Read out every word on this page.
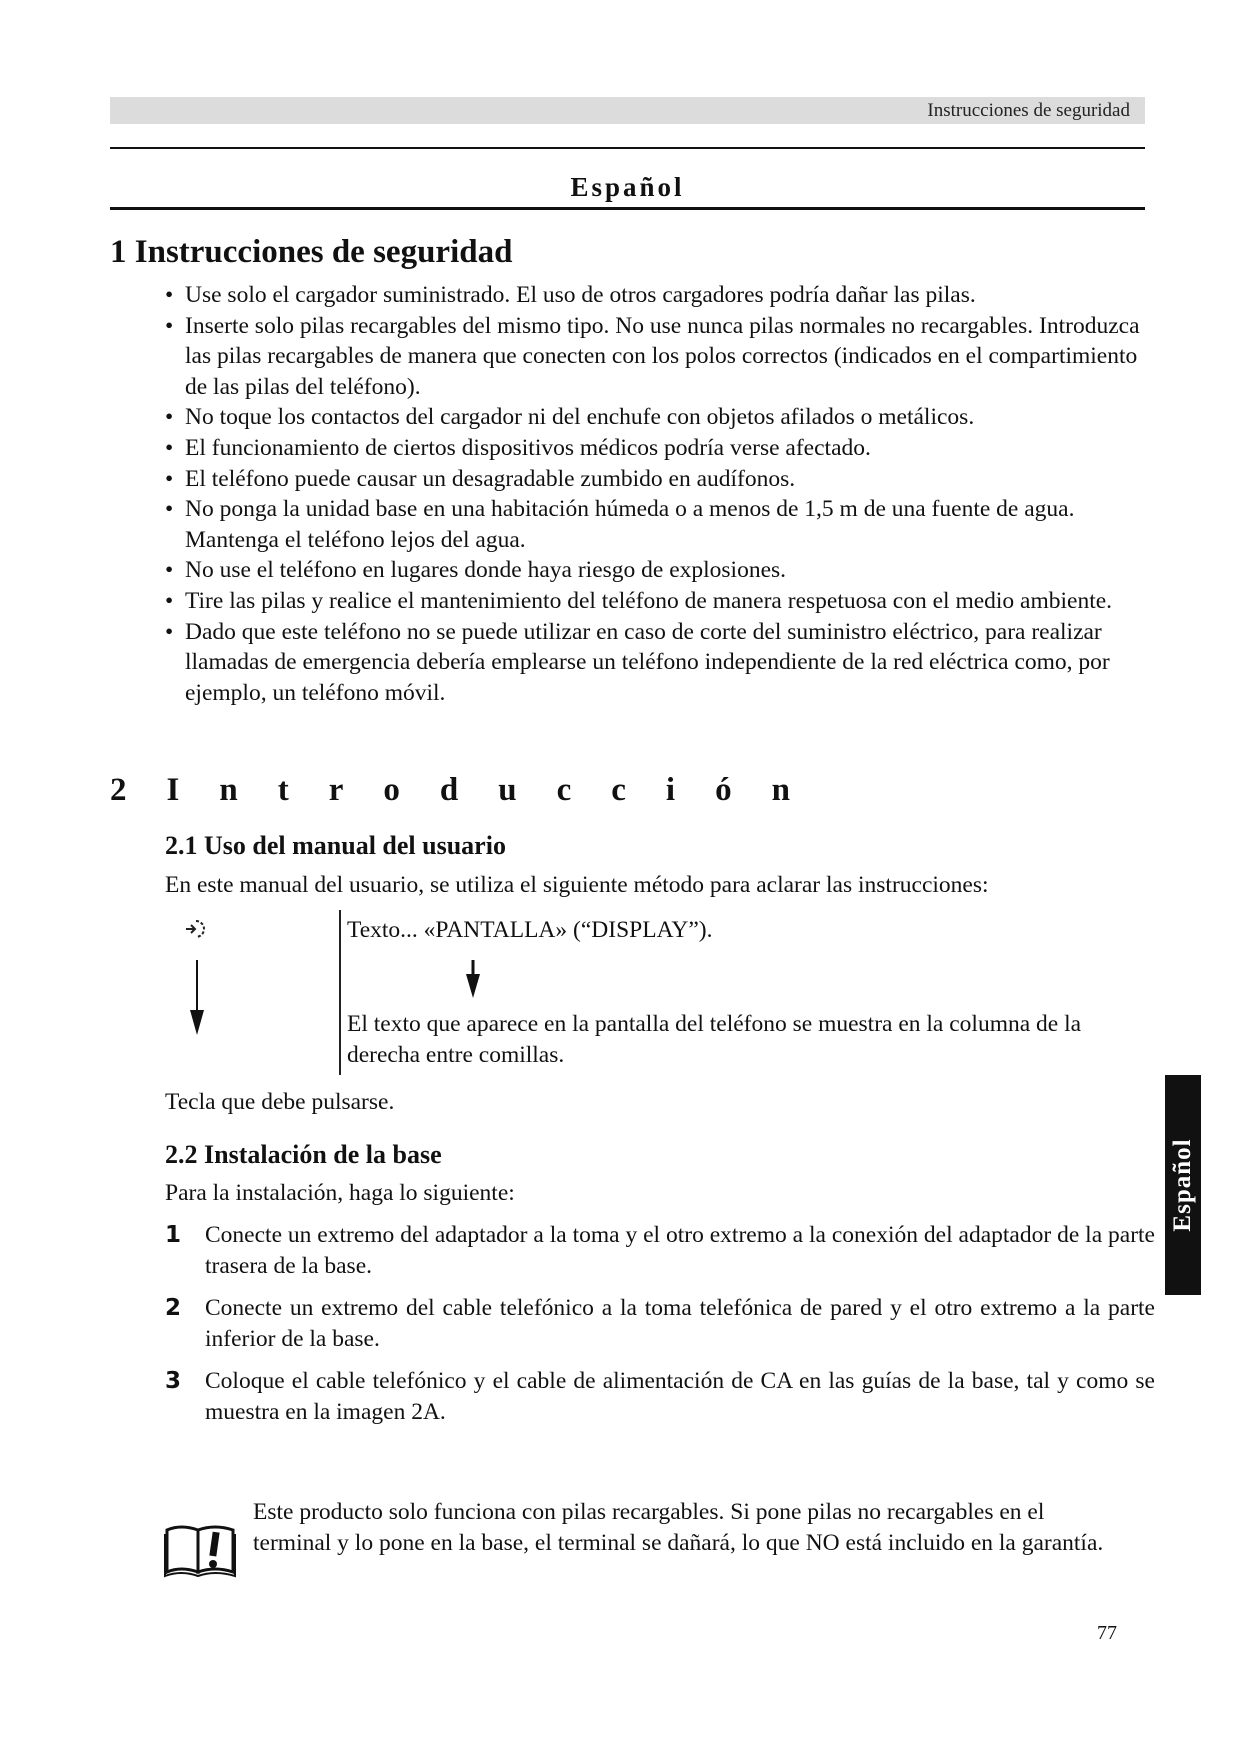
Instrucciones de seguridad
Español
1 Instrucciones de seguridad
• Use solo el cargador suministrado. El uso de otros cargadores podría dañar las pilas.
• Inserte solo pilas recargables del mismo tipo. No use nunca pilas normales no recargables. Introduzca las pilas recargables de manera que conecten con los polos correctos (indicados en el compartimiento de las pilas del teléfono).
• No toque los contactos del cargador ni del enchufe con objetos afilados o metálicos.
• El funcionamiento de ciertos dispositivos médicos podría verse afectado.
• El teléfono puede causar un desagradable zumbido en audífonos.
• No ponga la unidad base en una habitación húmeda o a menos de 1,5 m de una fuente de agua. Mantenga el teléfono lejos del agua.
• No use el teléfono en lugares donde haya riesgo de explosiones.
• Tire las pilas y realice el mantenimiento del teléfono de manera respetuosa con el medio ambiente.
• Dado que este teléfono no se puede utilizar en caso de corte del suministro eléctrico, para realizar llamadas de emergencia debería emplearse un teléfono independiente de la red eléctrica como, por ejemplo, un teléfono móvil.
2 I n t r o d u c c i ó n
2.1 Uso del manual del usuario
En este manual del usuario, se utiliza el siguiente método para aclarar las instrucciones:
Texto... «PANTALLA» (“DISPLAY”).
El texto que aparece en la pantalla del teléfono se muestra en la columna de la derecha entre comillas.
Tecla que debe pulsarse.
2.2 Instalación de la base
Para la instalación, haga lo siguiente:
1 Conecte un extremo del adaptador a la toma y el otro extremo a la conexión del adaptador de la parte trasera de la base.
2 Conecte un extremo del cable telefónico a la toma telefónica de pared y el otro extremo a la parte inferior de la base.
3 Coloque el cable telefónico y el cable de alimentación de CA en las guías de la base, tal y como se muestra en la imagen 2A.
Este producto solo funciona con pilas recargables. Si pone pilas no recargables en el terminal y lo pone en la base, el terminal se dañará, lo que NO está incluido en la garantía.
Español
77
